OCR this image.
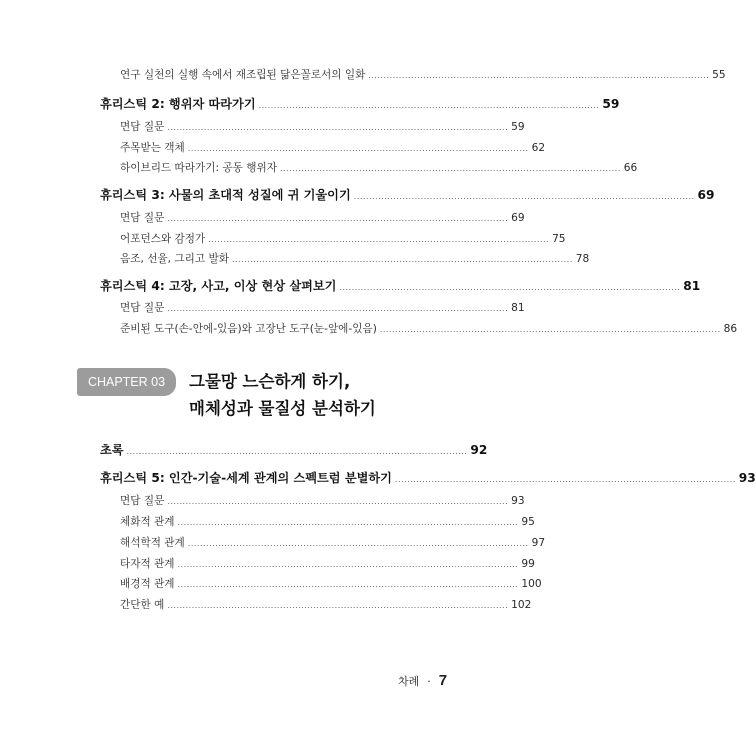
연구 실천의 실행 속에서 재조립된 닮은꼴로서의 일화 ................................................................................................................ 55
휴리스틱 2: 행위자 따라가기 ................................................................................................................ 59
면담 질문 ................................................................................................................ 59
주목받는 객체 ................................................................................................................ 62
하이브리드 따라가기: 공동 행위자 ................................................................................................................ 66
휴리스틱 3: 사물의 초대적 성질에 귀 기울이기 ................................................................................................................ 69
면담 질문 ................................................................................................................ 69
어포던스와 감정가 ................................................................................................................ 75
음조, 선율, 그리고 발화 ................................................................................................................ 78
휴리스틱 4: 고장, 사고, 이상 현상 살펴보기 ................................................................................................................ 81
면담 질문 ................................................................................................................ 81
준비된 도구(손-안에-있음)와 고장난 도구(눈-앞에-있음) ................................................................................................................ 86
CHAPTER 03	그물망 느슨하게 하기,
매체성과 물질성 분석하기
초록 ................................................................................................................ 92
휴리스틱 5: 인간-기술-세계 관계의 스펙트럼 분별하기 ................................................................................................................ 93
면담 질문 ................................................................................................................ 93
체화적 관계 ................................................................................................................ 95
해석학적 관계 ................................................................................................................ 97
타자적 관계 ................................................................................................................ 99
배경적 관계 ................................................................................................................ 100
간단한 예 ................................................................................................................ 102
차례 · 7
